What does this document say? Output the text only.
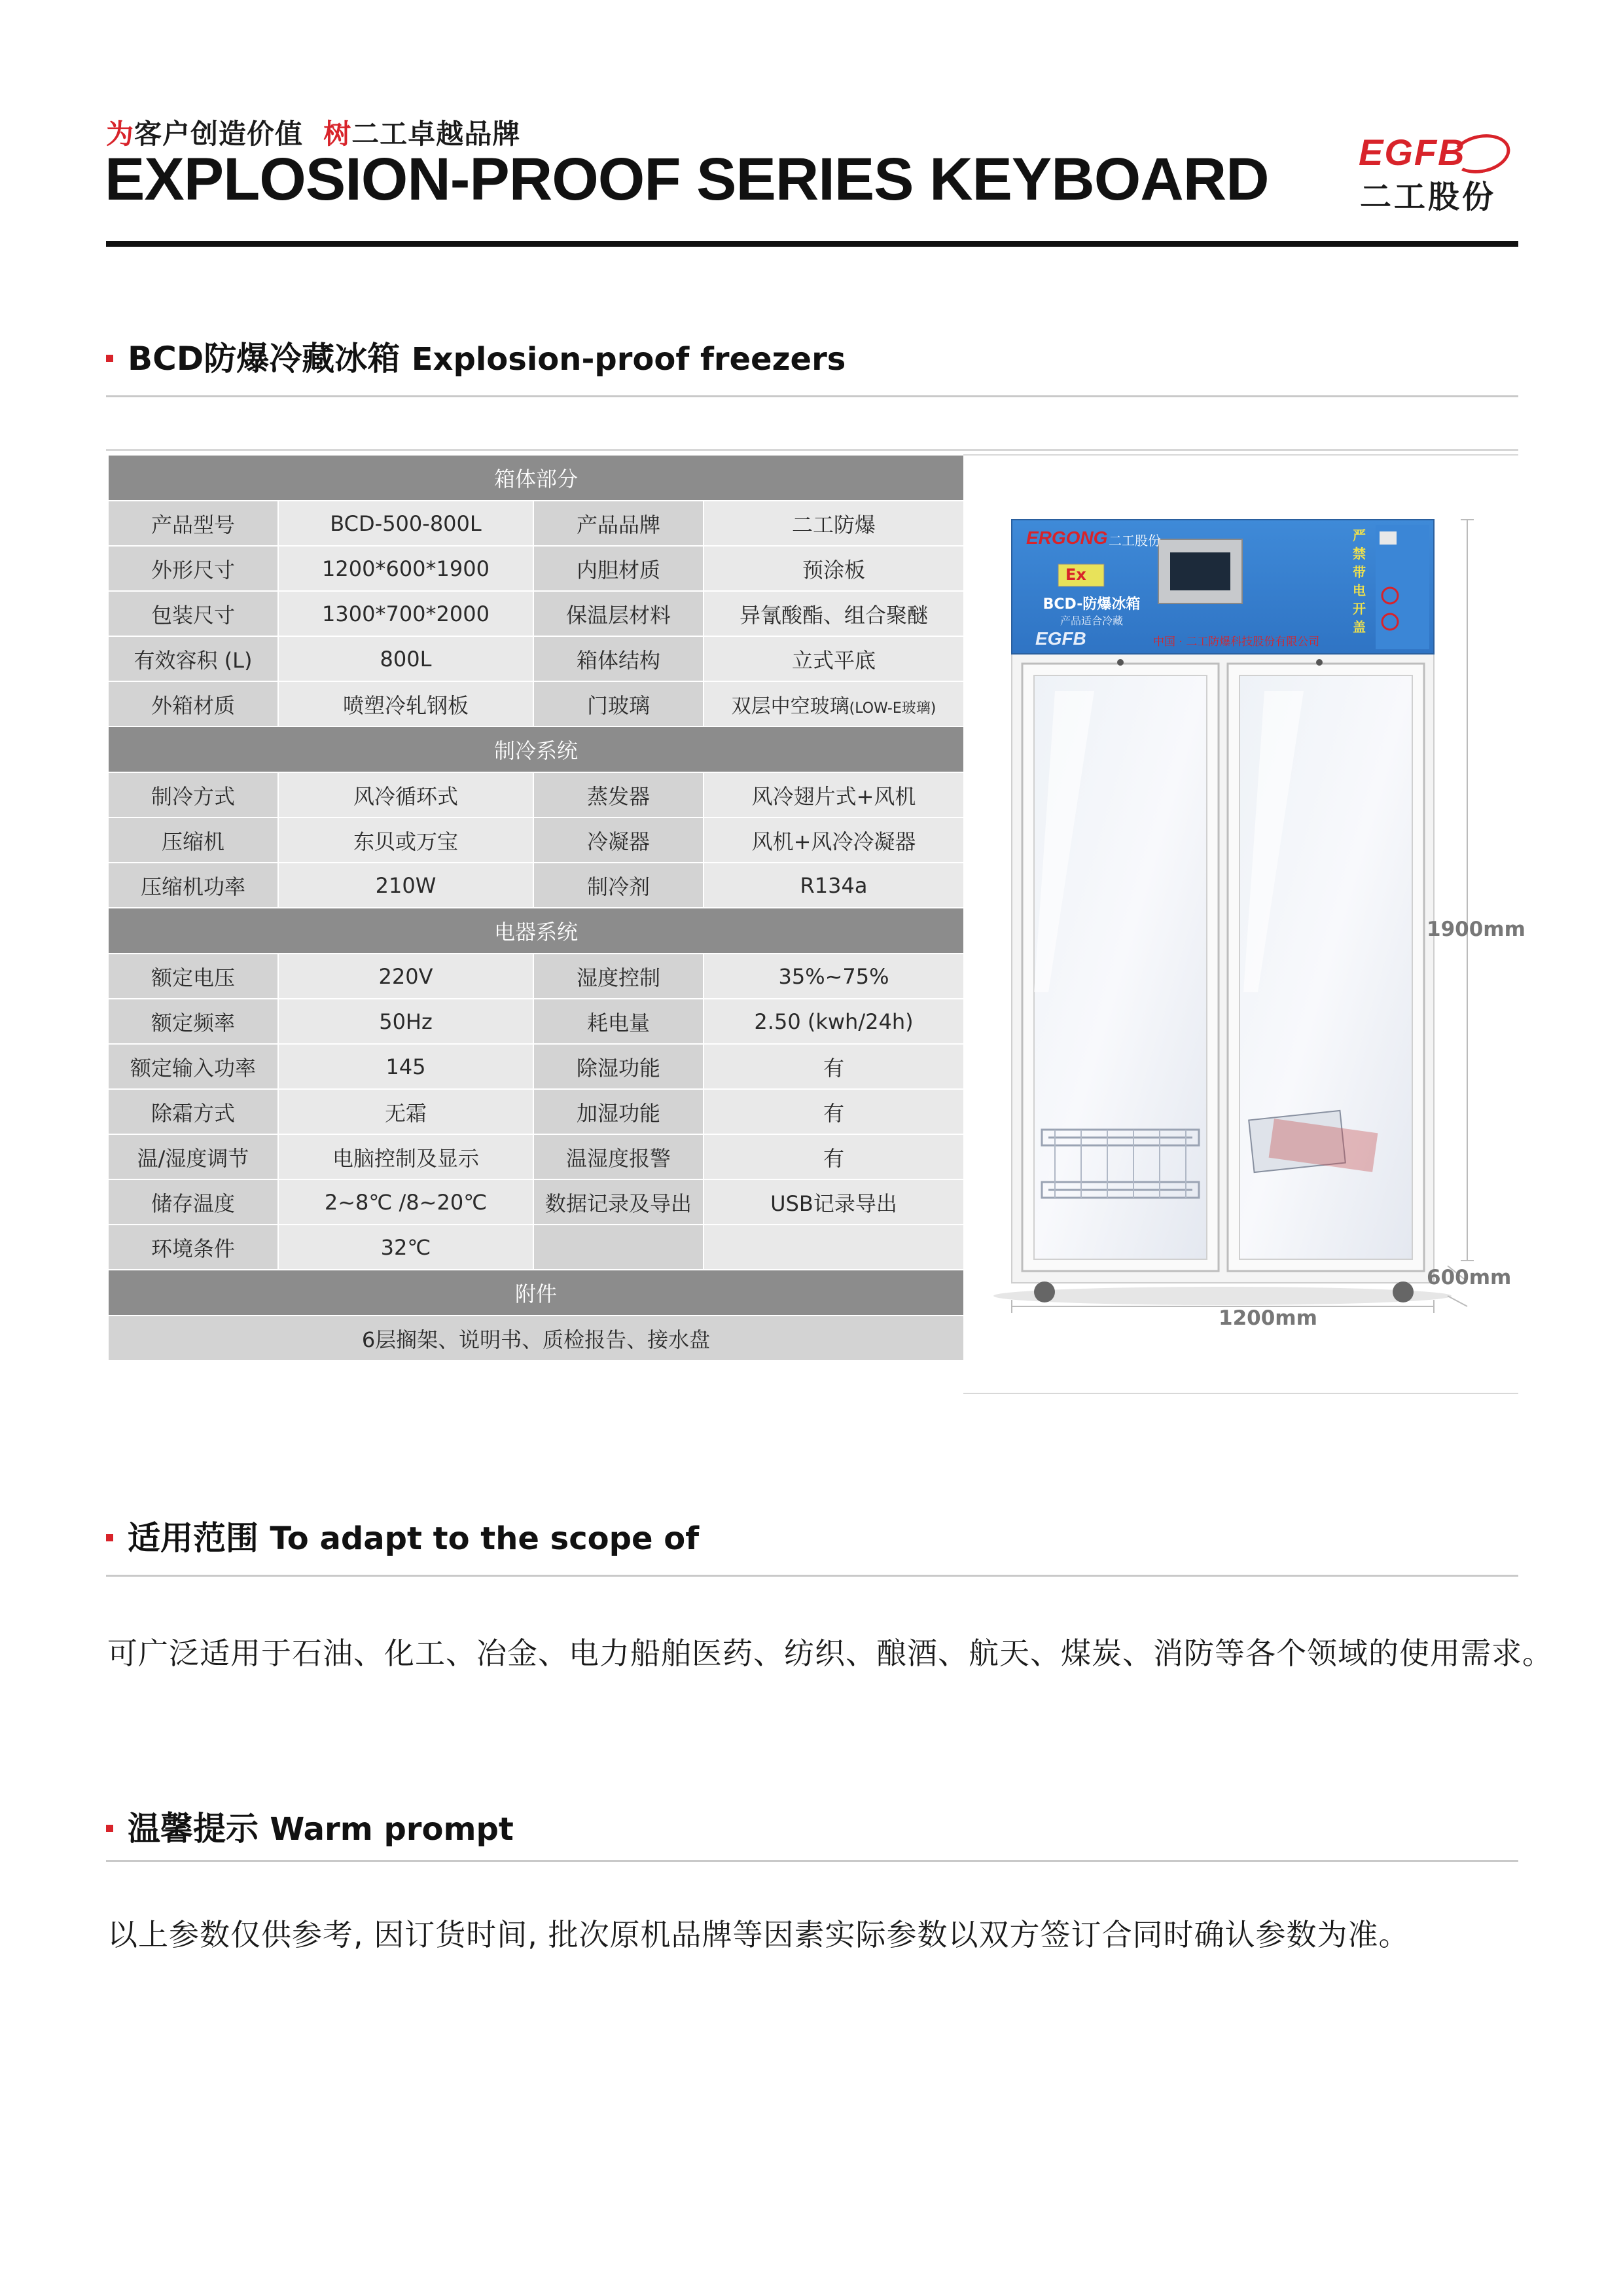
为客户创造价值 树二工卓越品牌
EXPLOSION-PROOF SERIES KEYBOARD EGFB
二工股份
BCD防爆冷藏冰箱 Explosion-proof freezers
箱体部分			
产品型号	BCD-500-800L	产品品牌	二工防爆
外形尺寸	1200*600*1900	内胆材质	预涂板
包装尺寸	1300*700*2000	保温层材料	异氰酸酯、组合聚醚
有效容积 (L)	800L	箱体结构	立式平底
外箱材质	喷塑冷轧钢板	门玻璃	双层中空玻璃(LOW-E玻璃)
制冷系统			
制冷方式	风冷循环式	蒸发器	风冷翅片式+风机
压缩机	东贝或万宝	冷凝器	风机+风冷冷凝器
压缩机功率	210W	制冷剂	R134a
电器系统			
额定电压	220V	湿度控制	35%~75%
额定频率	50Hz	耗电量	2.50 (kwh/24h)
额定输入功率	145	除湿功能	有
除霜方式	无霜	加湿功能	有
温/湿度调节	电脑控制及显示	温湿度报警	有
储存温度	2~8℃ /8~20℃	数据记录及导出	USB记录导出
环境条件	32℃		
附件			
6层搁架、说明书、质检报告、接水盘			
ERGONG 二工股份
Ex
BCD-防爆冰箱
产品适合冷藏
EGFB	中国 · 二工防爆科技股份有限公司
严
禁
带
电
开
盖
1900mm
600mm
1200mm
适用范围 To adapt to the scope of
可广泛适用于石油、化工、冶金、电力船舶医药、纺织、酿酒、航天、煤炭、消防等各个领域的使用需求。
温馨提示 Warm prompt
以上参数仅供参考, 因订货时间, 批次原机品牌等因素实际参数以双方签订合同时确认参数为准。
